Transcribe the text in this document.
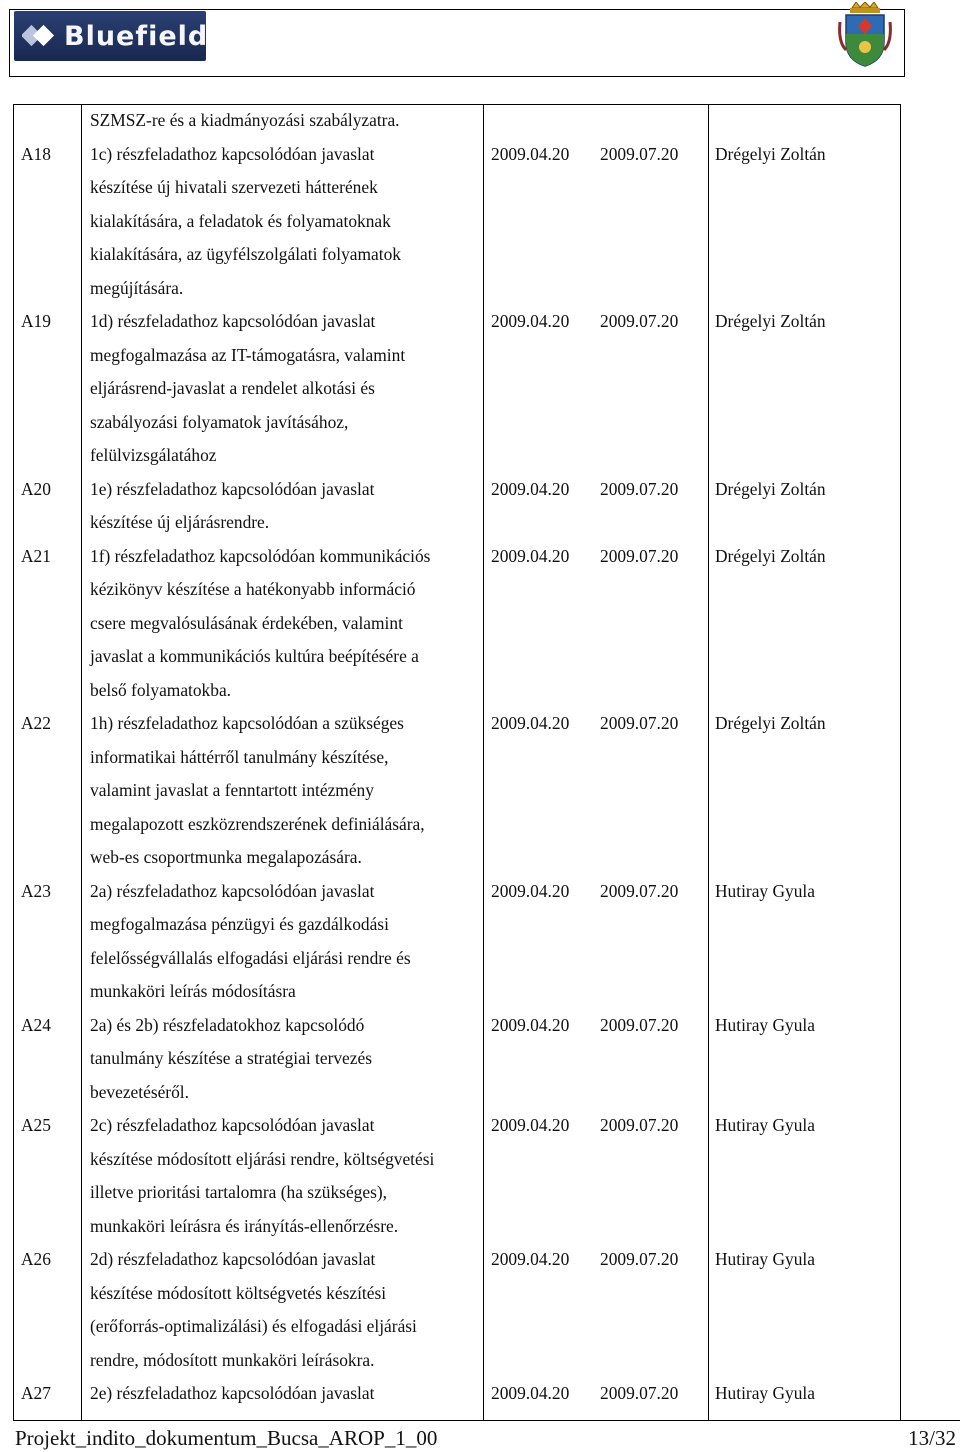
Bluefield
SZMSZ-re és a kiadmányozási szabályzatra.
A18 1c) részfeladathoz kapcsolódóan javaslat
készítése új hivatali szervezeti hátterének
kialakítására, a feladatok és folyamatoknak
kialakítására, az ügyfélszolgálati folyamatok
megújítására.
2009.04.20 2009.07.20 Drégelyi Zoltán
A19 1d) részfeladathoz kapcsolódóan javaslat
megfogalmazása az IT-támogatásra, valamint
eljárásrend-javaslat a rendelet alkotási és
szabályozási folyamatok javításához,
felülvizsgálatához
2009.04.20 2009.07.20 Drégelyi Zoltán
A20 1e) részfeladathoz kapcsolódóan javaslat
készítése új eljárásrendre.
2009.04.20 2009.07.20 Drégelyi Zoltán
A21 1f) részfeladathoz kapcsolódóan kommunikációs
kézikönyv készítése a hatékonyabb információ
csere megvalósulásának érdekében, valamint
javaslat a kommunikációs kultúra beépítésére a
belső folyamatokba.
2009.04.20 2009.07.20 Drégelyi Zoltán
A22 1h) részfeladathoz kapcsolódóan a szükséges
informatikai háttérről tanulmány készítése,
valamint javaslat a fenntartott intézmény
megalapozott eszközrendszerének definiálására,
web-es csoportmunka megalapozására.
2009.04.20 2009.07.20 Drégelyi Zoltán
A23 2a) részfeladathoz kapcsolódóan javaslat
megfogalmazása pénzügyi és gazdálkodási
felelősségvállalás elfogadási eljárási rendre és
munkaköri leírás módosításra
2009.04.20 2009.07.20 Hutiray Gyula
A24 2a) és 2b) részfeladatokhoz kapcsolódó
tanulmány készítése a stratégiai tervezés
bevezetéséről.
2009.04.20 2009.07.20 Hutiray Gyula
A25 2c) részfeladathoz kapcsolódóan javaslat
készítése módosított eljárási rendre, költségvetési
illetve prioritási tartalomra (ha szükséges),
munkaköri leírásra és irányítás-ellenőrzésre.
2009.04.20 2009.07.20 Hutiray Gyula
A26 2d) részfeladathoz kapcsolódóan javaslat
készítése módosított költségvetés készítési
(erőforrás-optimalizálási) és elfogadási eljárási
rendre, módosított munkaköri leírásokra.
2009.04.20 2009.07.20 Hutiray Gyula
A27 2e) részfeladathoz kapcsolódóan javaslat	2009.04.20 2009.07.20 Hutiray Gyula
Projekt_indito_dokumentum_Bucsa_AROP_1_00	13/32
